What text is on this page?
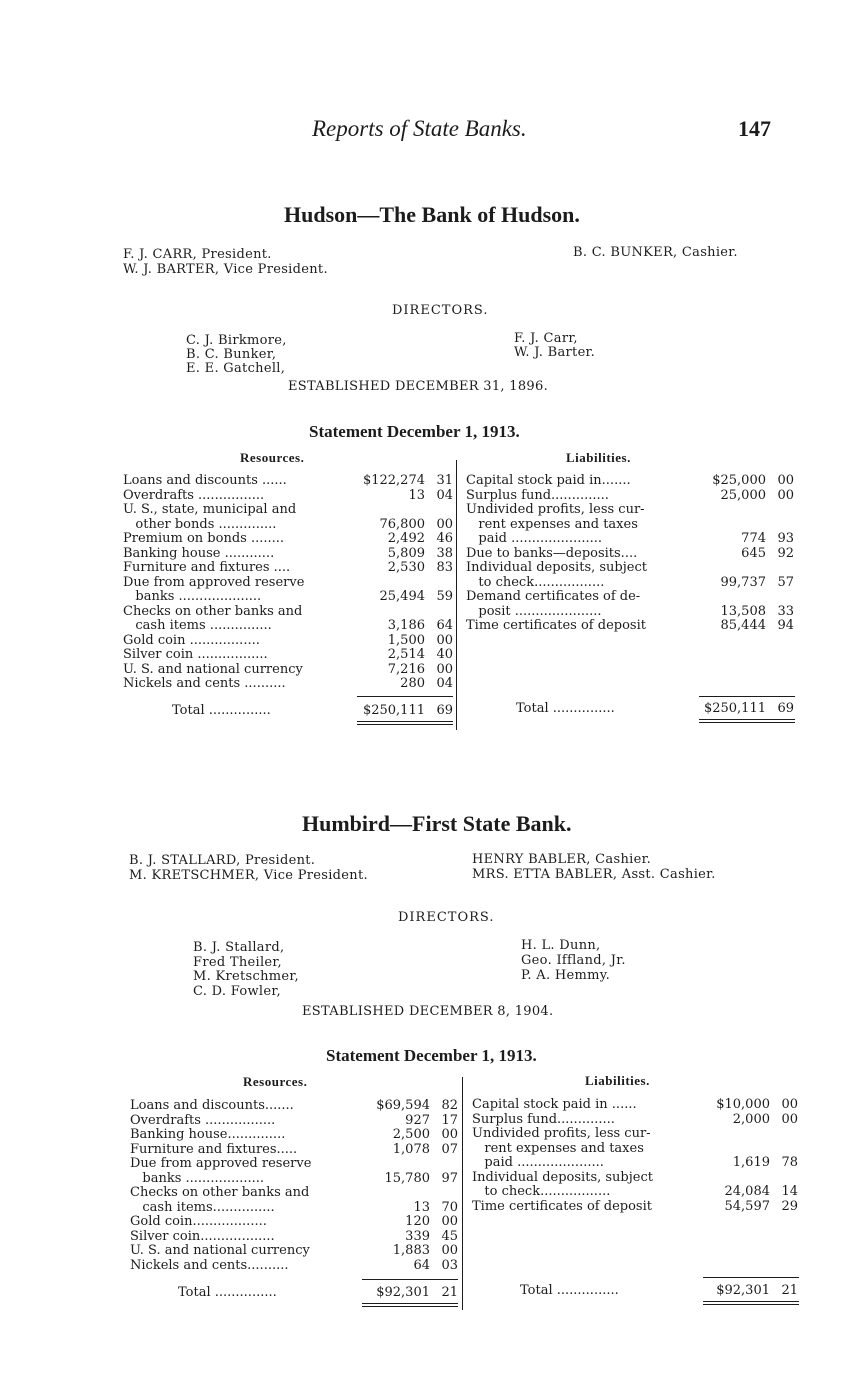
Reports of State Banks.	147
Hudson—The Bank of Hudson.
F. J. CARR, President.
W. J. BARTER, Vice President.
B. C. BUNKER, Cashier.
DIRECTORS.
C. J. Birkmore,
B. C. Bunker,
E. E. Gatchell,
F. J. Carr,
W. J. Barter.
ESTABLISHED DECEMBER 31, 1896.
Statement December 1, 1913.
Resources.	Liabilities.
Loans and discounts ......	$122,274 31
Overdrafts ................	13 04
U. S., state, municipal and
other bonds ..............	76,800 00
Premium on bonds ........	2,492 46
Banking house ............	5,809 38
Furniture and fixtures ....	2,530 83
Due from approved reserve
banks ....................	25,494 59
Checks on other banks and
cash items ...............	3,186 64
Gold coin .................	1,500 00
Silver coin .................	2,514 40
U. S. and national currency	7,216 00
Nickels and cents ..........	280 04
Capital stock paid in.......	$25,000 00
Surplus fund..............	25,000 00
Undivided profits, less cur-
rent expenses and taxes
paid ......................	774 93
Due to banks—deposits....	645 92
Individual deposits, subject
to check.................	99,737 57
Demand certificates of de-
posit .....................	13,508 33
Time certificates of deposit	85,444 94
Total ...............	$250,111 69	Total ...............	$250,111 69
Humbird—First State Bank.
B. J. STALLARD, President.
M. KRETSCHMER, Vice President.
HENRY BABLER, Cashier.
MRS. ETTA BABLER, Asst. Cashier.
DIRECTORS.
B. J. Stallard,
Fred Theiler,
M. Kretschmer,
C. D. Fowler,
H. L. Dunn,
Geo. Iffland, Jr.
P. A. Hemmy.
ESTABLISHED DECEMBER 8, 1904.
Statement December 1, 1913.
Resources.	Liabilities.
Loans and discounts.......	$69,594 82
Overdrafts .................	927 17
Banking house..............	2,500 00
Furniture and fixtures.....	1,078 07
Due from approved reserve
banks ...................	15,780 97
Checks on other banks and
cash items...............	13 70
Gold coin..................	120 00
Silver coin..................	339 45
U. S. and national currency	1,883 00
Nickels and cents..........	64 03
Capital stock paid in ......	$10,000 00
Surplus fund..............	2,000 00
Undivided profits, less cur-
rent expenses and taxes
paid .....................	1,619 78
Individual deposits, subject
to check.................	24,084 14
Time certificates of deposit	54,597 29
Total ...............	$92,301 21	Total ...............	$92,301 21
